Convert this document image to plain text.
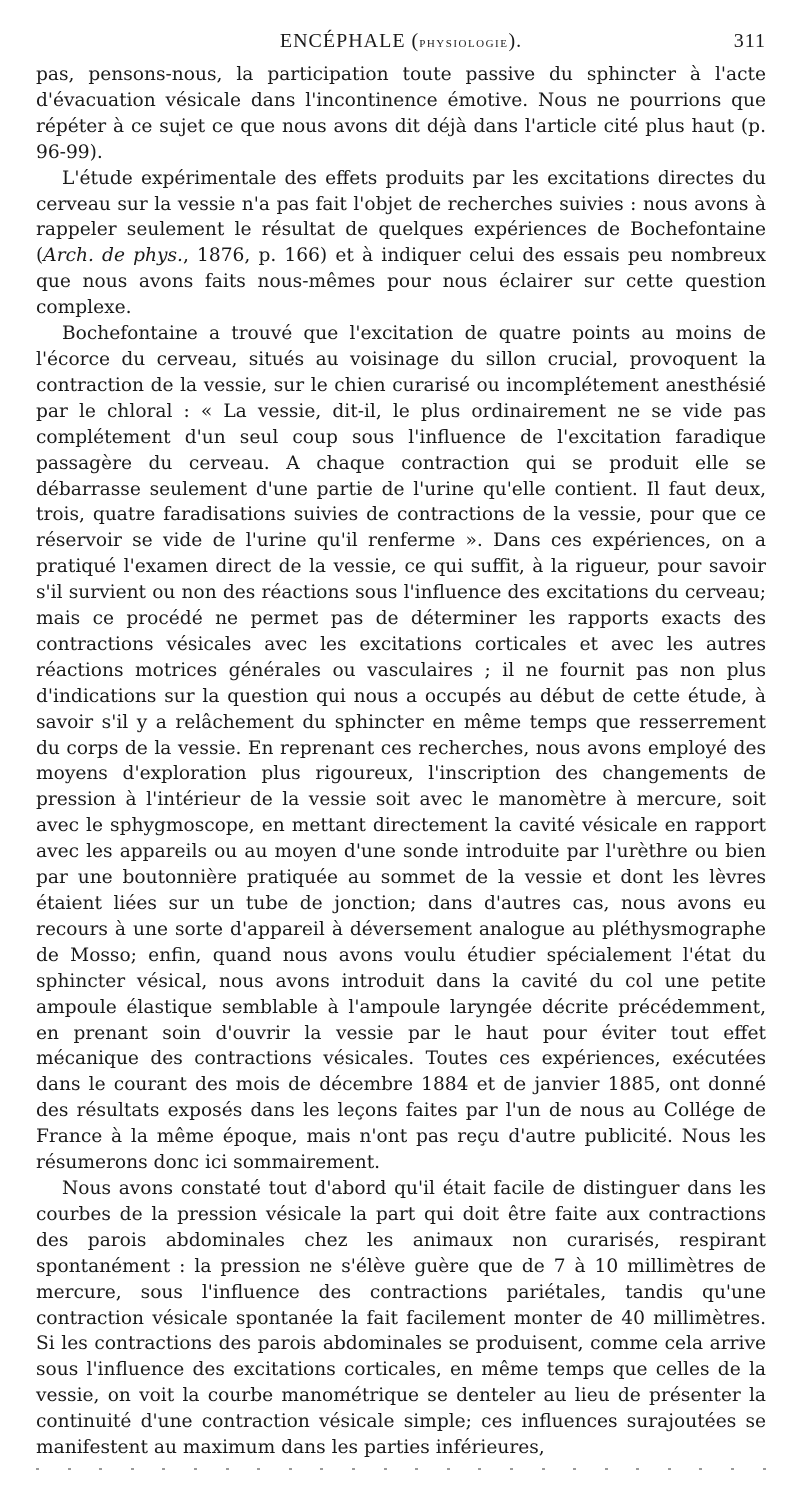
ENCÉPHALE (physiologie).	311

pas, pensons-nous, la participation toute passive du sphincter à l'acte d'évacuation vésicale dans l'incontinence émotive. Nous ne pourrions que répéter à ce sujet ce que nous avons dit déjà dans l'article cité plus haut (p. 96-99).

L'étude expérimentale des effets produits par les excitations directes du cerveau sur la vessie n'a pas fait l'objet de recherches suivies : nous avons à rappeler seulement le résultat de quelques expériences de Bochefontaine (Arch. de phys., 1876, p. 166) et à indiquer celui des essais peu nombreux que nous avons faits nous-mêmes pour nous éclairer sur cette question complexe.

Bochefontaine a trouvé que l'excitation de quatre points au moins de l'écorce du cerveau, situés au voisinage du sillon crucial, provoquent la contraction de la vessie, sur le chien curarisé ou incomplétement anesthésié par le chloral : « La vessie, dit-il, le plus ordinairement ne se vide pas complétement d'un seul coup sous l'influence de l'excitation faradique passagère du cerveau. A chaque contraction qui se produit elle se débarrasse seulement d'une partie de l'urine qu'elle contient. Il faut deux, trois, quatre faradisations suivies de contractions de la vessie, pour que ce réservoir se vide de l'urine qu'il renferme ». Dans ces expériences, on a pratiqué l'examen direct de la vessie, ce qui suffit, à la rigueur, pour savoir s'il survient ou non des réactions sous l'influence des excitations du cerveau; mais ce procédé ne permet pas de déterminer les rapports exacts des contractions vésicales avec les excitations corticales et avec les autres réactions motrices générales ou vasculaires ; il ne fournit pas non plus d'indications sur la question qui nous a occupés au début de cette étude, à savoir s'il y a relâchement du sphincter en même temps que resserrement du corps de la vessie. En reprenant ces recherches, nous avons employé des moyens d'exploration plus rigoureux, l'inscription des changements de pression à l'intérieur de la vessie soit avec le manomètre à mercure, soit avec le sphygmoscope, en mettant directement la cavité vésicale en rapport avec les appareils ou au moyen d'une sonde introduite par l'urèthre ou bien par une boutonnière pratiquée au sommet de la vessie et dont les lèvres étaient liées sur un tube de jonction; dans d'autres cas, nous avons eu recours à une sorte d'appareil à déversement analogue au pléthysmographe de Mosso; enfin, quand nous avons voulu étudier spécialement l'état du sphincter vésical, nous avons introduit dans la cavité du col une petite ampoule élastique semblable à l'ampoule laryngée décrite précédemment, en prenant soin d'ouvrir la vessie par le haut pour éviter tout effet mécanique des contractions vésicales. Toutes ces expériences, exécutées dans le courant des mois de décembre 1884 et de janvier 1885, ont donné des résultats exposés dans les leçons faites par l'un de nous au Collége de France à la même époque, mais n'ont pas reçu d'autre publicité. Nous les résumerons donc ici sommairement.

Nous avons constaté tout d'abord qu'il était facile de distinguer dans les courbes de la pression vésicale la part qui doit être faite aux contractions des parois abdominales chez les animaux non curarisés, respirant spontanément : la pression ne s'élève guère que de 7 à 10 millimètres de mercure, sous l'influence des contractions pariétales, tandis qu'une contraction vésicale spontanée la fait facilement monter de 40 millimètres. Si les contractions des parois abdominales se produisent, comme cela arrive sous l'influence des excitations corticales, en même temps que celles de la vessie, on voit la courbe manométrique se denteler au lieu de présenter la continuité d'une contraction vésicale simple; ces influences surajoutées se manifestent au maximum dans les parties inférieures,
